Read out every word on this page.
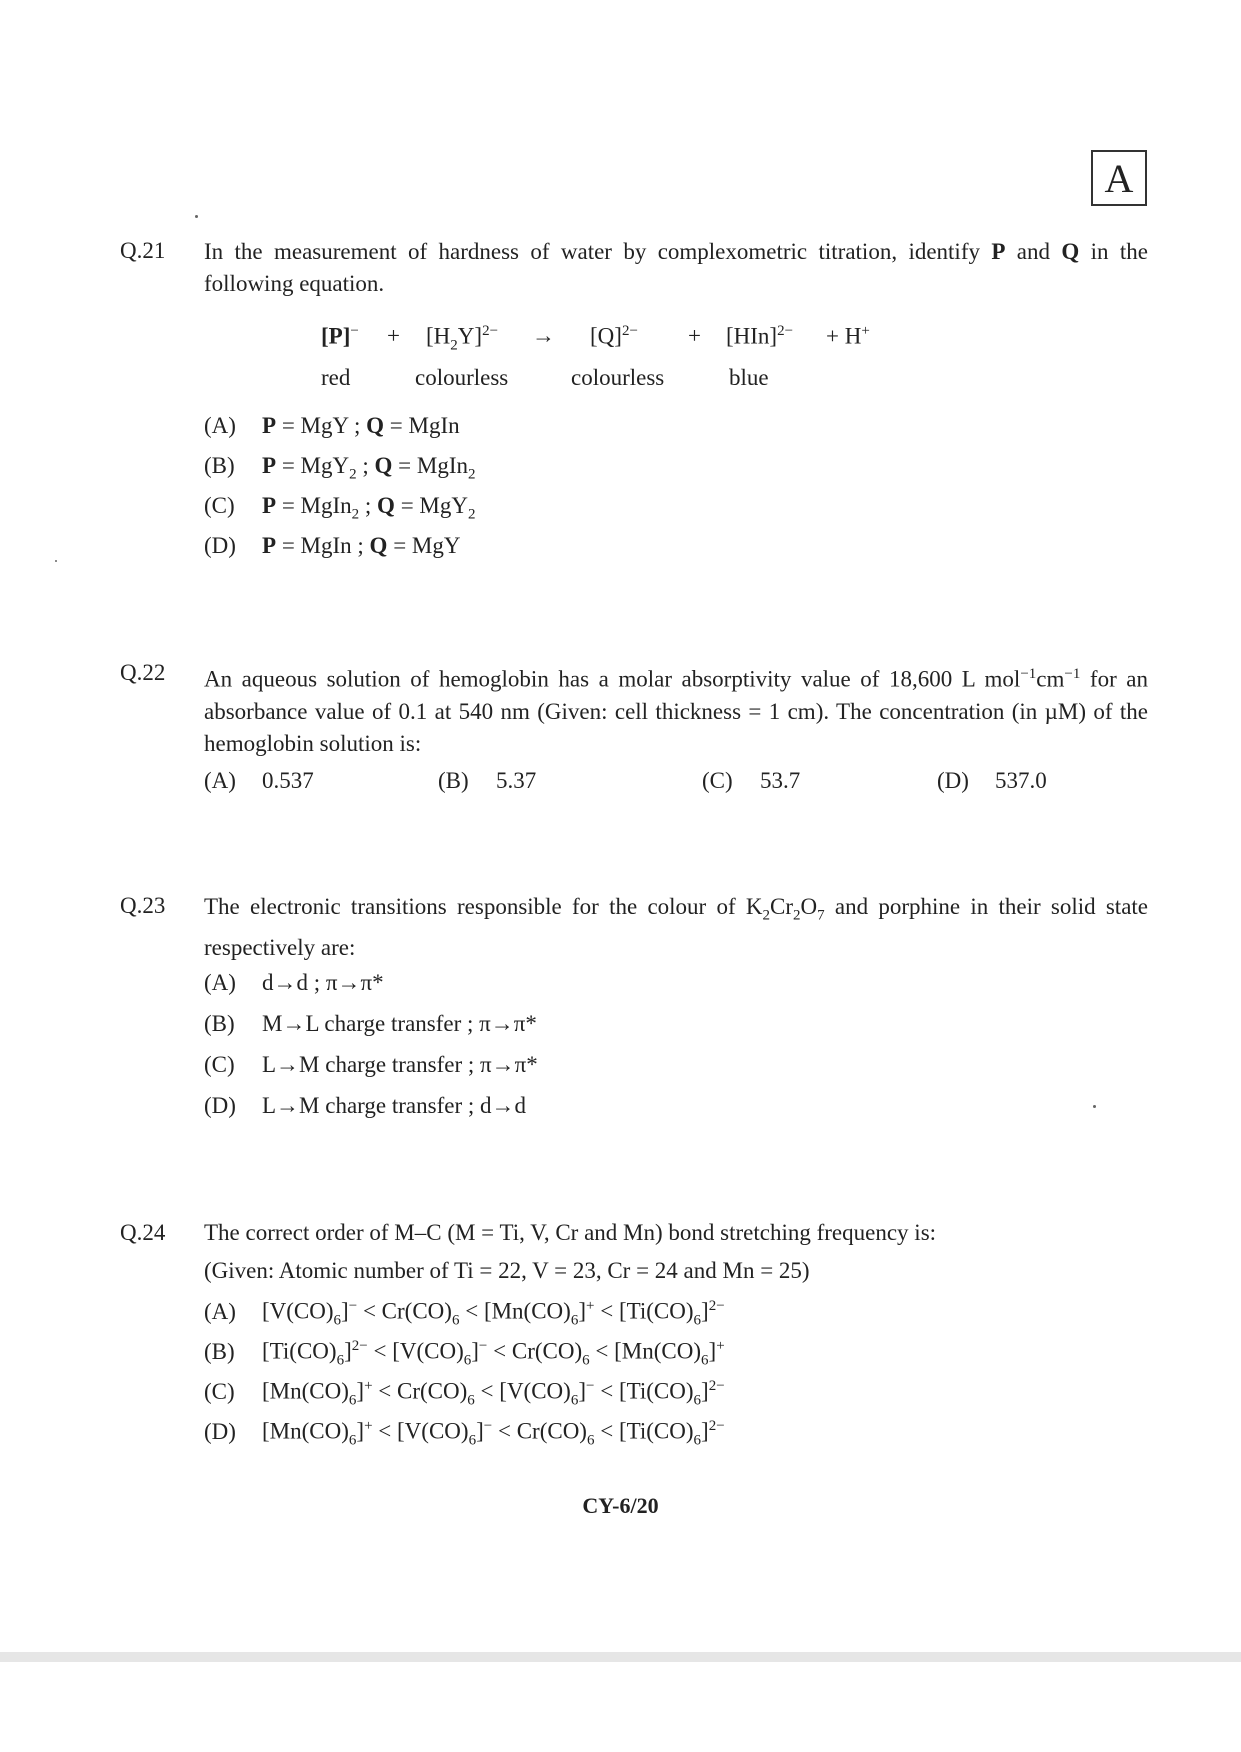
A
Q.21 In the measurement of hardness of water by complexometric titration, identify P and Q in the following equation.
$[P]^- + [H_2Y]^{2-} \to [Q]^{2-} + [HIn]^{2-} + H^+$
red	colourless	colourless	blue
(A) P = MgY ; Q = MgIn
(B) P = MgY$_2$ ; Q = MgIn$_2$
(C) P = MgIn$_2$ ; Q = MgY$_2$
(D) P = MgIn ; Q = MgY
Q.22 An aqueous solution of hemoglobin has a molar absorptivity value of 18,600 L $mol^{-1}cm^{-1}$ for an absorbance value of 0.1 at 540 nm (Given: cell thickness = 1 cm). The concentration (in µM) of the hemoglobin solution is:
(A) 0.537	(B) 5.37	(C) 53.7	(D) 537.0
Q.23 The electronic transitions responsible for the colour of $K_2Cr_2O_7$ and porphine in their solid state respectively are:
(A) d→d ; π→π*
(B) M→L charge transfer ; π→π*
(C) L→M charge transfer ; π→π*
(D) L→M charge transfer ; d→d
Q.24 The correct order of M–C (M = Ti, V, Cr and Mn) bond stretching frequency is:
(Given: Atomic number of Ti = 22, V = 23, Cr = 24 and Mn = 25)
(A) $[V(CO)_6]^- < Cr(CO)_6 < [Mn(CO)_6]^+ < [Ti(CO)_6]^{2-}$
(B) $[Ti(CO)_6]^{2-} < [V(CO)_6]^- < Cr(CO)_6 < [Mn(CO)_6]^+$
(C) $[Mn(CO)_6]^+ < Cr(CO)_6 < [V(CO)_6]^- < [Ti(CO)_6]^{2-}$
(D) $[Mn(CO)_6]^+ < [V(CO)_6]^- < Cr(CO)_6 < [Ti(CO)_6]^{2-}$
CY-6/20
